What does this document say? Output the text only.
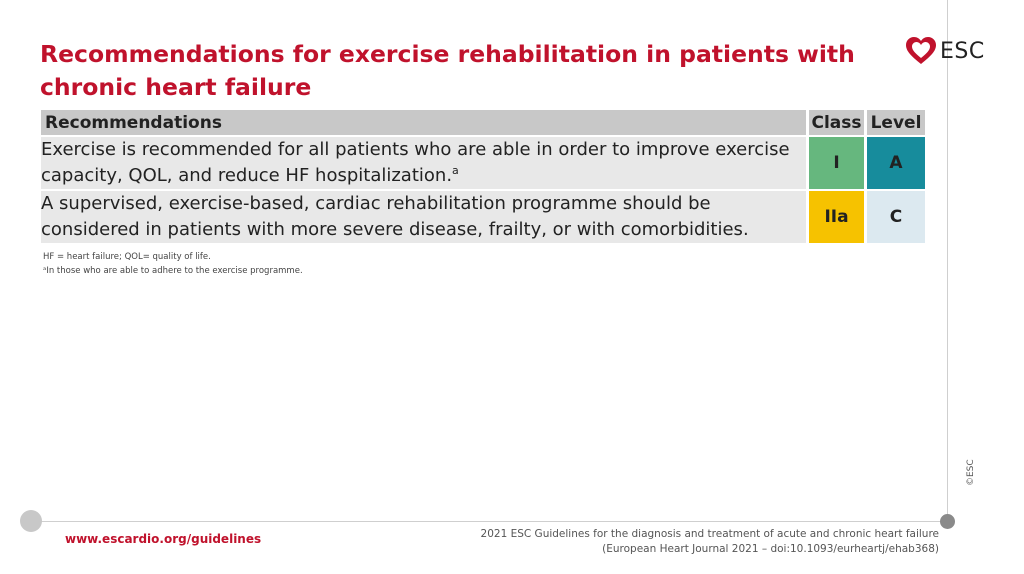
Recommendations for exercise rehabilitation in patients with chronic heart failure
ESC
Recommendations	Class	Level
Exercise is recommended for all patients who are able in order to improve exercise capacity, QOL, and reduce HF hospitalization.$^a$	I	A
A supervised, exercise-based, cardiac rehabilitation programme should be considered in patients with more severe disease, frailty, or with comorbidities.	IIa	C
HF = heart failure; QOL= quality of life.
ᵃIn those who are able to adhere to the exercise programme.
www.escardio.org/guidelines	2021 ESC Guidelines for the diagnosis and treatment of acute and chronic heart failure
(European Heart Journal 2021 – doi:10.1093/eurheartj/ehab368)
©ESC
